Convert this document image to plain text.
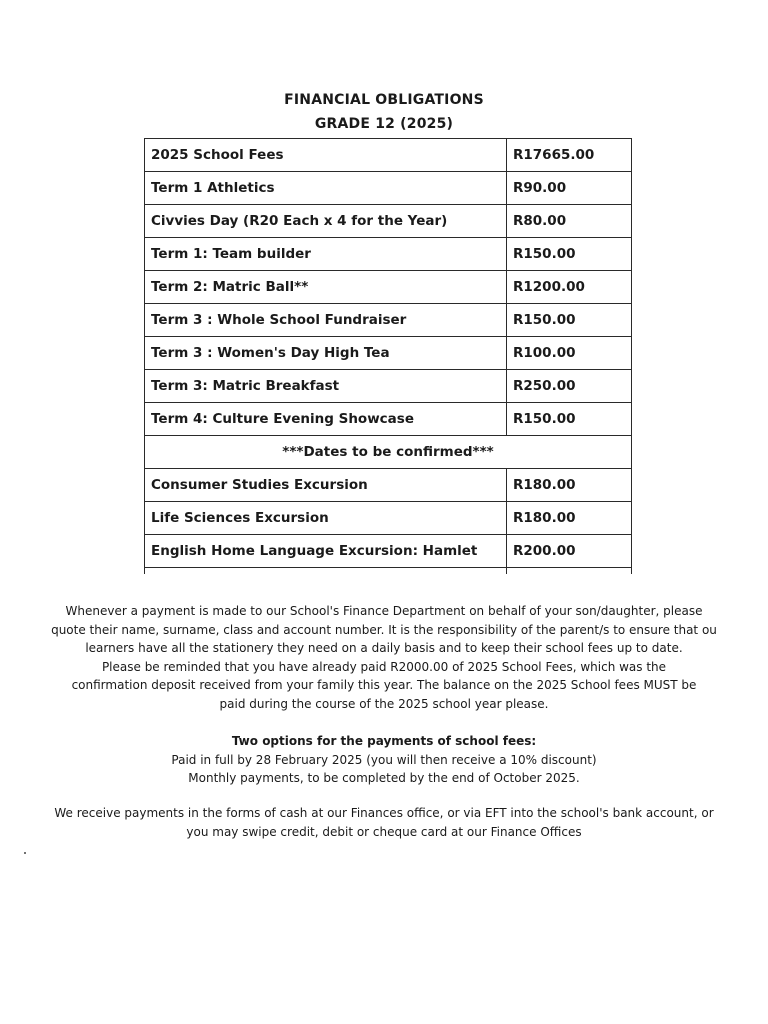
FINANCIAL OBLIGATIONS
GRADE 12 (2025)
2025 School Fees	R17665.00
Term 1 Athletics	R90.00
Civvies Day (R20 Each x 4 for the Year)	R80.00
Term 1: Team builder	R150.00
Term 2: Matric Ball**	R1200.00
Term 3 : Whole School Fundraiser	R150.00
Term 3 : Women's Day High Tea	R100.00
Term 3: Matric Breakfast	R250.00
Term 4: Culture Evening Showcase	R150.00
***Dates to be confirmed***	
Consumer Studies Excursion	R180.00
Life Sciences Excursion	R180.00
English Home Language Excursion: Hamlet	R200.00

Whenever a payment is made to our School's Finance Department on behalf of your son/daughter, please
quote their name, surname, class and account number. It is the responsibility of the parent/s to ensure that ou
learners have all the stationery they need on a daily basis and to keep their school fees up to date.
Please be reminded that you have already paid R2000.00 of 2025 School Fees, which was the
confirmation deposit received from your family this year. The balance on the 2025 School fees MUST be
paid during the course of the 2025 school year please.
Two options for the payments of school fees:
Paid in full by 28 February 2025 (you will then receive a 10% discount)
Monthly payments, to be completed by the end of October 2025.
We receive payments in the forms of cash at our Finances office, or via EFT into the school's bank account, or
you may swipe credit, debit or cheque card at our Finance Offices
